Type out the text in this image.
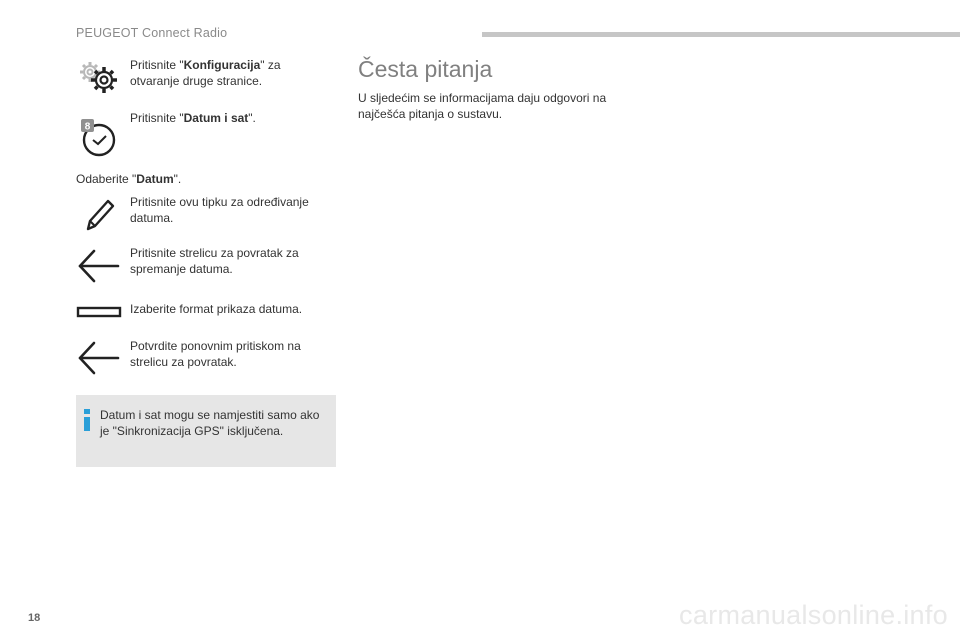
PEUGEOT Connect Radio
Pritisnite "Konfiguracija" za otvaranje druge stranice.
8
Pritisnite "Datum i sat".
Odaberite "Datum".
Pritisnite ovu tipku za određivanje datuma.
Pritisnite strelicu za povratak za spremanje datuma.
Izaberite format prikaza datuma.
Potvrdite ponovnim pritiskom na strelicu za povratak.
Datum i sat mogu se namjestiti samo ako je "Sinkronizacija GPS" isključena.
Česta pitanja

U sljedećim se informacijama daju odgovori na najčešća pitanja o sustavu.

18	carmanualsonline.info
